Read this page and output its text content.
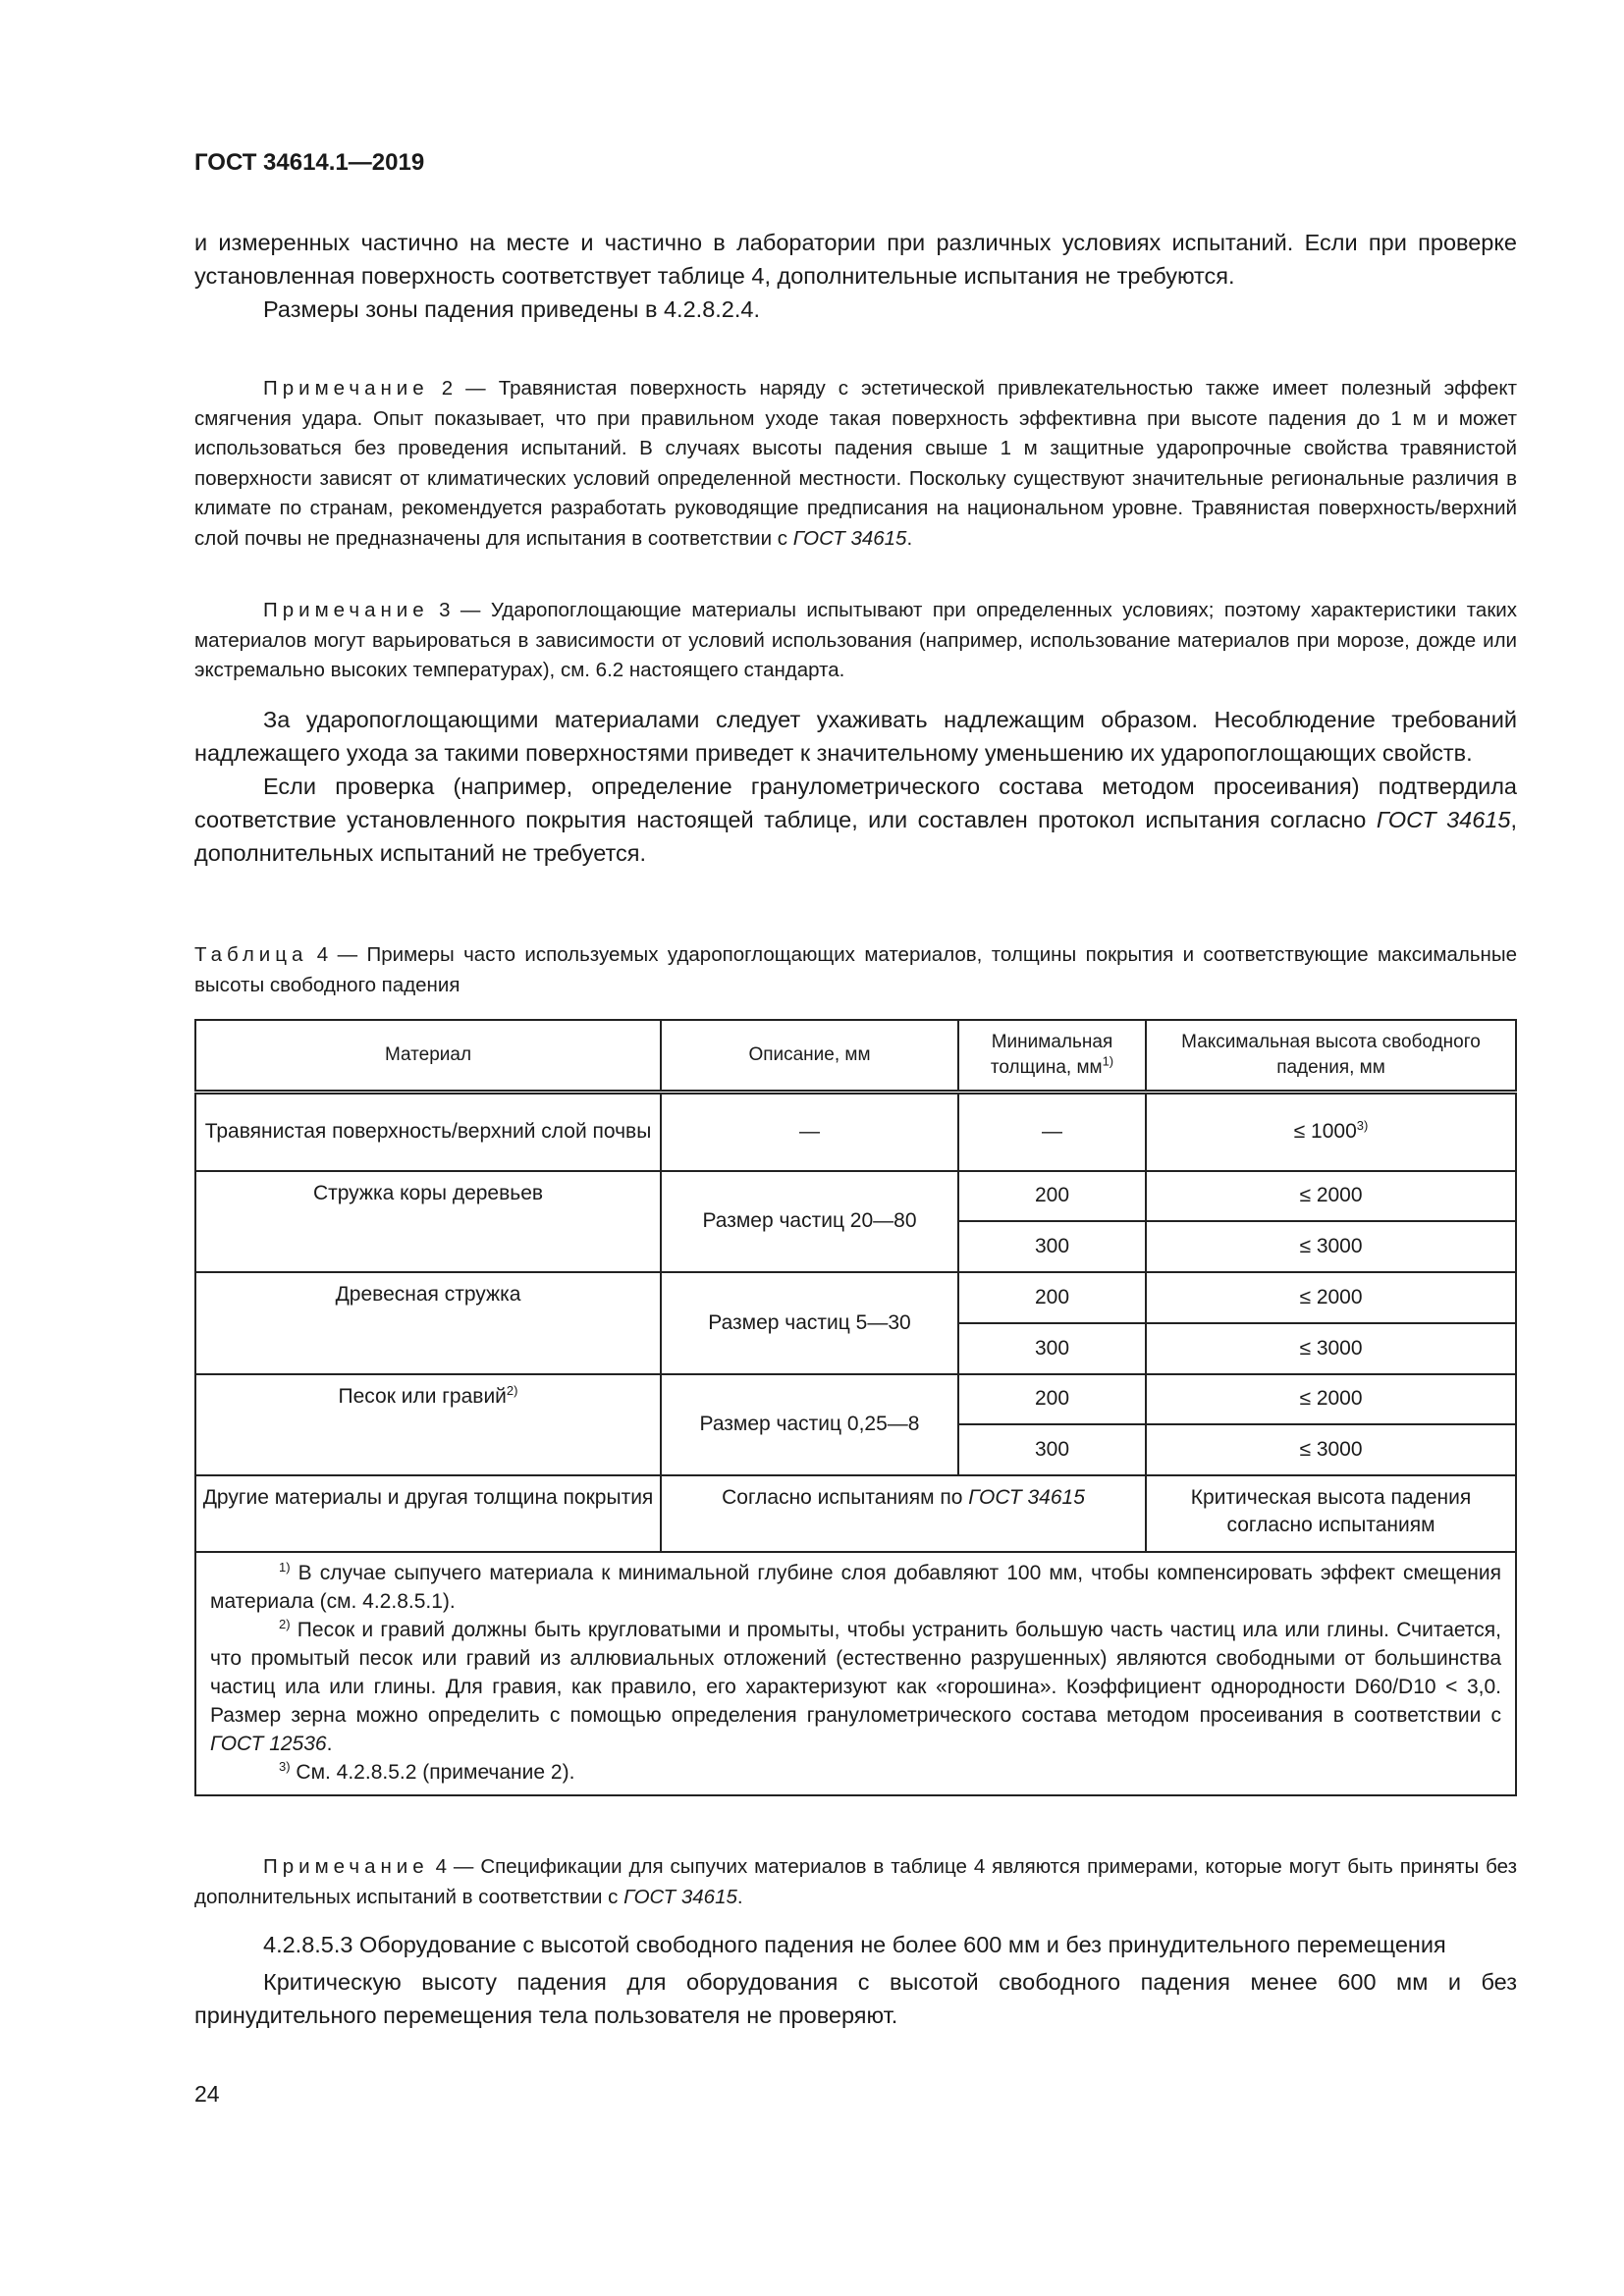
ГОСТ 34614.1—2019

и измеренных частично на месте и частично в лаборатории при различных условиях испытаний. Если при проверке установленная поверхность соответствует таблице 4, дополнительные испытания не требуются.

Размеры зоны падения приведены в 4.2.8.2.4.

Примечание 2 — Травянистая поверхность наряду с эстетической привлекательностью также имеет полезный эффект смягчения удара. Опыт показывает, что при правильном уходе такая поверхность эффективна при высоте падения до 1 м и может использоваться без проведения испытаний. В случаях высоты падения свыше 1 м защитные ударопрочные свойства травянистой поверхности зависят от климатических условий определенной местности. Поскольку существуют значительные региональные различия в климате по странам, рекомендуется разработать руководящие предписания на национальном уровне. Травянистая поверхность/верхний слой почвы не предназначены для испытания в соответствии с ГОСТ 34615.

Примечание 3 — Ударопоглощающие материалы испытывают при определенных условиях; поэтому характеристики таких материалов могут варьироваться в зависимости от условий использования (например, использование материалов при морозе, дожде или экстремально высоких температурах), см. 6.2 настоящего стандарта.

За ударопоглощающими материалами следует ухаживать надлежащим образом. Несоблюдение требований надлежащего ухода за такими поверхностями приведет к значительному уменьшению их ударопоглощающих свойств.

Если проверка (например, определение гранулометрического состава методом просеивания) подтвердила соответствие установленного покрытия настоящей таблице, или составлен протокол испытания согласно ГОСТ 34615, дополнительных испытаний не требуется.

Таблица 4 — Примеры часто используемых ударопоглощающих материалов, толщины покрытия и соответствующие максимальные высоты свободного падения

Материал	Описание, мм	Минимальная толщина, $мм^{1)}$	Максимальная высота свободного падения, мм
Травянистая поверхность/верхний слой почвы	—	—	≤ $1000^{3)}$
Стружка коры деревьев	Размер частиц 20—80	200	≤ 2000
		300	≤ 3000
Древесная стружка	Размер частиц 5—30	200	≤ 2000
		300	≤ 3000
Песок или гравий$^{2)}$	Размер частиц 0,25—8	200	≤ 2000
		300	≤ 3000
Другие материалы и другая толщина покрытия	Согласно испытаниям по ГОСТ 34615		Критическая высота падения согласно испытаниям

$^{1)}$ В случае сыпучего материала к минимальной глубине слоя добавляют 100 мм, чтобы компенсировать эффект смещения материала (см. 4.2.8.5.1).

$^{2)}$ Песок и гравий должны быть кругловатыми и промыты, чтобы устранить большую часть частиц ила или глины. Считается, что промытый песок или гравий из аллювиальных отложений (естественно разрушенных) являются свободными от большинства частиц ила или глины. Для гравия, как правило, его характеризуют как «горошина». Коэффициент однородности D60/D10 < 3,0. Размер зерна можно определить с помощью определения гранулометрического состава методом просеивания в соответствии с ГОСТ 12536.

$^{3)}$ См. 4.2.8.5.2 (примечание 2).			

Примечание 4 — Спецификации для сыпучих материалов в таблице 4 являются примерами, которые могут быть приняты без дополнительных испытаний в соответствии с ГОСТ 34615.

4.2.8.5.3 Оборудование с высотой свободного падения не более 600 мм и без принудительного перемещения

Критическую высоту падения для оборудования с высотой свободного падения менее 600 мм и без принудительного перемещения тела пользователя не проверяют.

24
